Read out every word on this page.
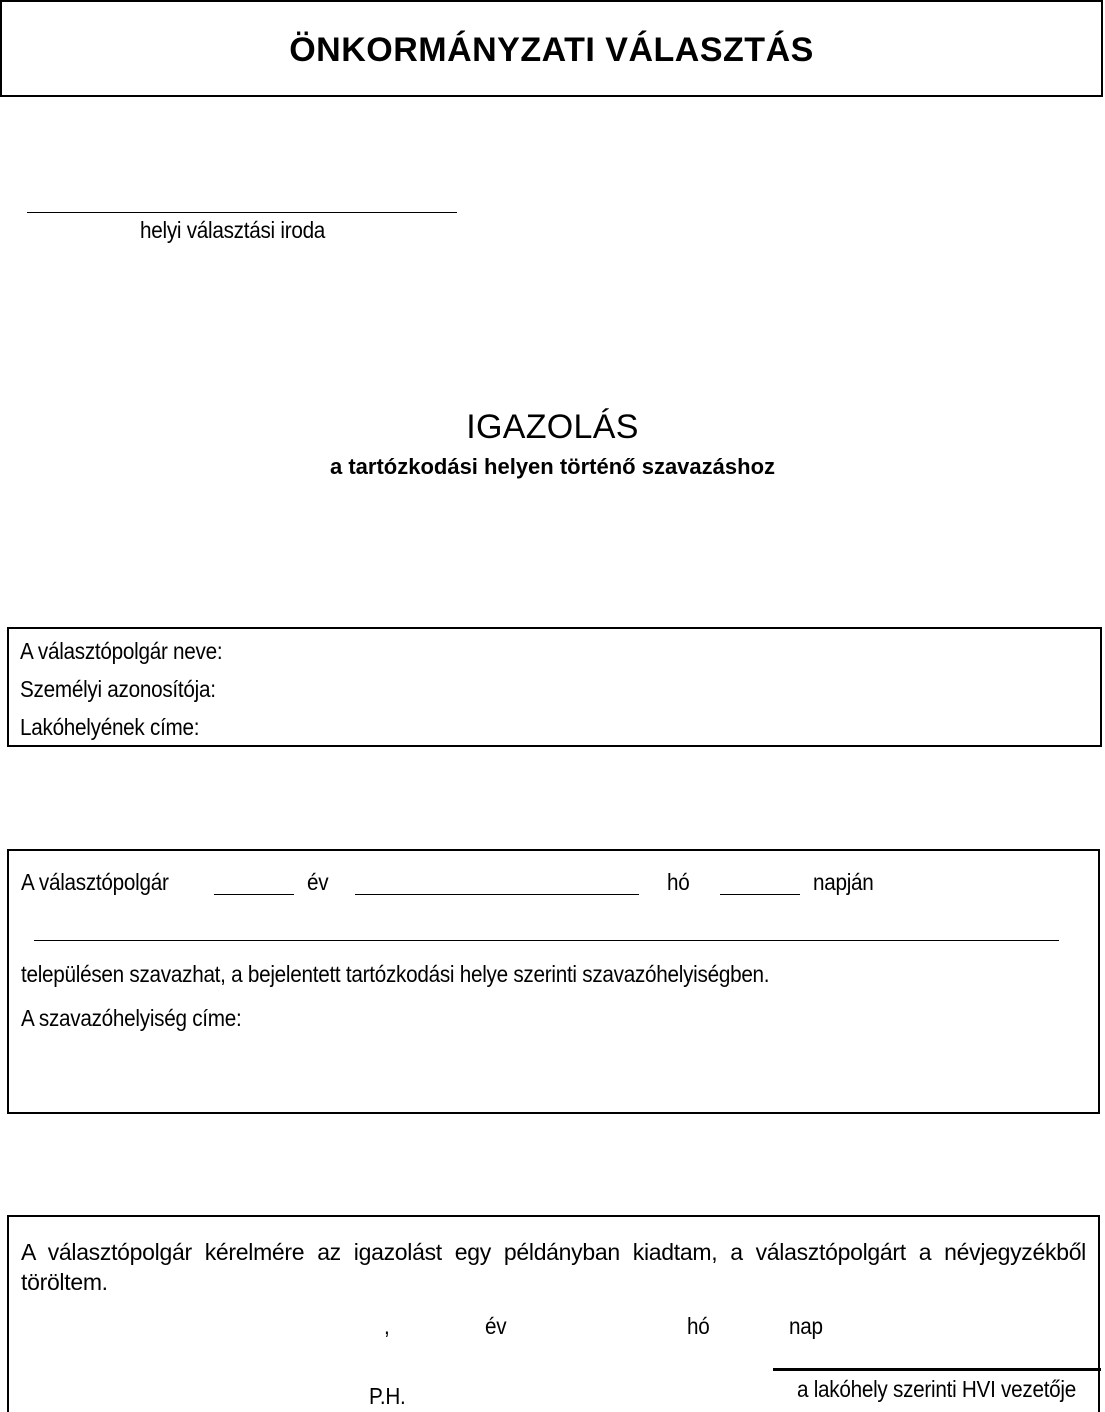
ÖNKORMÁNYZATI VÁLASZTÁS
helyi választási iroda
IGAZOLÁS
a tartózkodási helyen történő szavazáshoz
A választópolgár neve:
Személyi azonosítója:
Lakóhelyének címe:
A választópolgár	év	hó	napján
településen szavazhat, a bejelentett tartózkodási helye szerinti szavazóhelyiségben.
A szavazóhelyiség címe:
A választópolgár kérelmére az igazolást egy példányban kiadtam, a választópolgárt a névjegyzékből töröltem.
,	év	hó	nap
P.H.	a lakóhely szerinti HVI vezetője
